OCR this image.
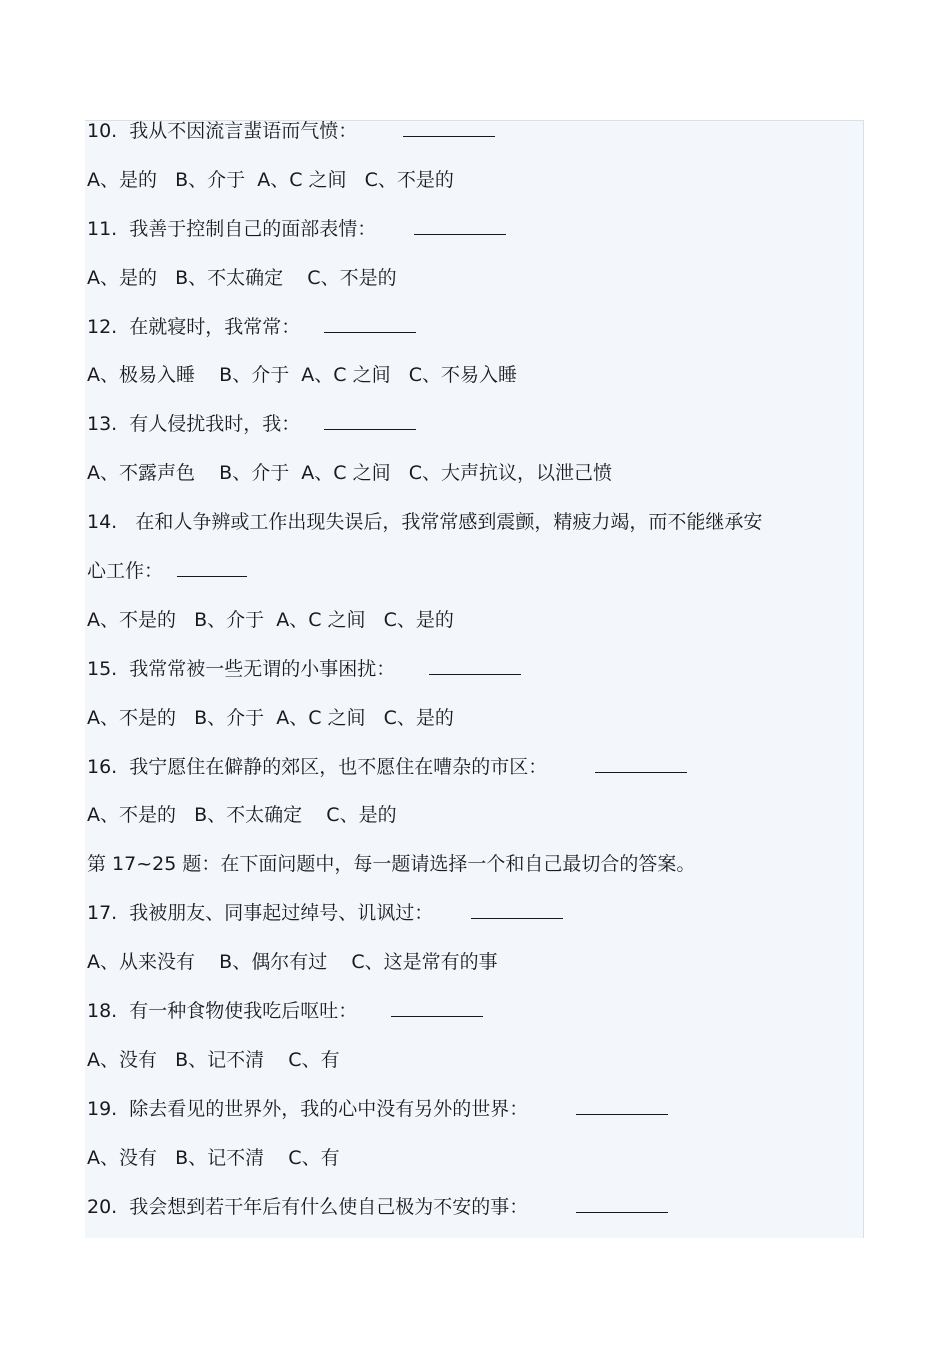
10. 我从不因流言蜚语而气愤：
A、是的   B、介于  A、C 之间   C、不是的
11. 我善于控制自己的面部表情：
A、是的   B、不太确定    C、不是的
12. 在就寝时，我常常：
A、极易入睡    B、介于  A、C 之间   C、不易入睡
13. 有人侵扰我时，我：
A、不露声色    B、介于  A、C 之间   C、大声抗议，以泄己愤
14.   在和人争辨或工作出现失误后，我常常感到震颤，精疲力竭，而不能继承安
心工作：
A、不是的   B、介于  A、C 之间   C、是的
15. 我常常被一些无谓的小事困扰：
A、不是的   B、介于  A、C 之间   C、是的
16. 我宁愿住在僻静的郊区，也不愿住在嘈杂的市区：
A、不是的   B、不太确定    C、是的
第 17~25 题：在下面问题中，每一题请选择一个和自己最切合的答案。
17. 我被朋友、同事起过绰号、讥讽过：
A、从来没有    B、偶尔有过    C、这是常有的事
18. 有一种食物使我吃后呕吐：
A、没有   B、记不清    C、有
19. 除去看见的世界外，我的心中没有另外的世界：
A、没有   B、记不清    C、有
20. 我会想到若干年后有什么使自己极为不安的事：
